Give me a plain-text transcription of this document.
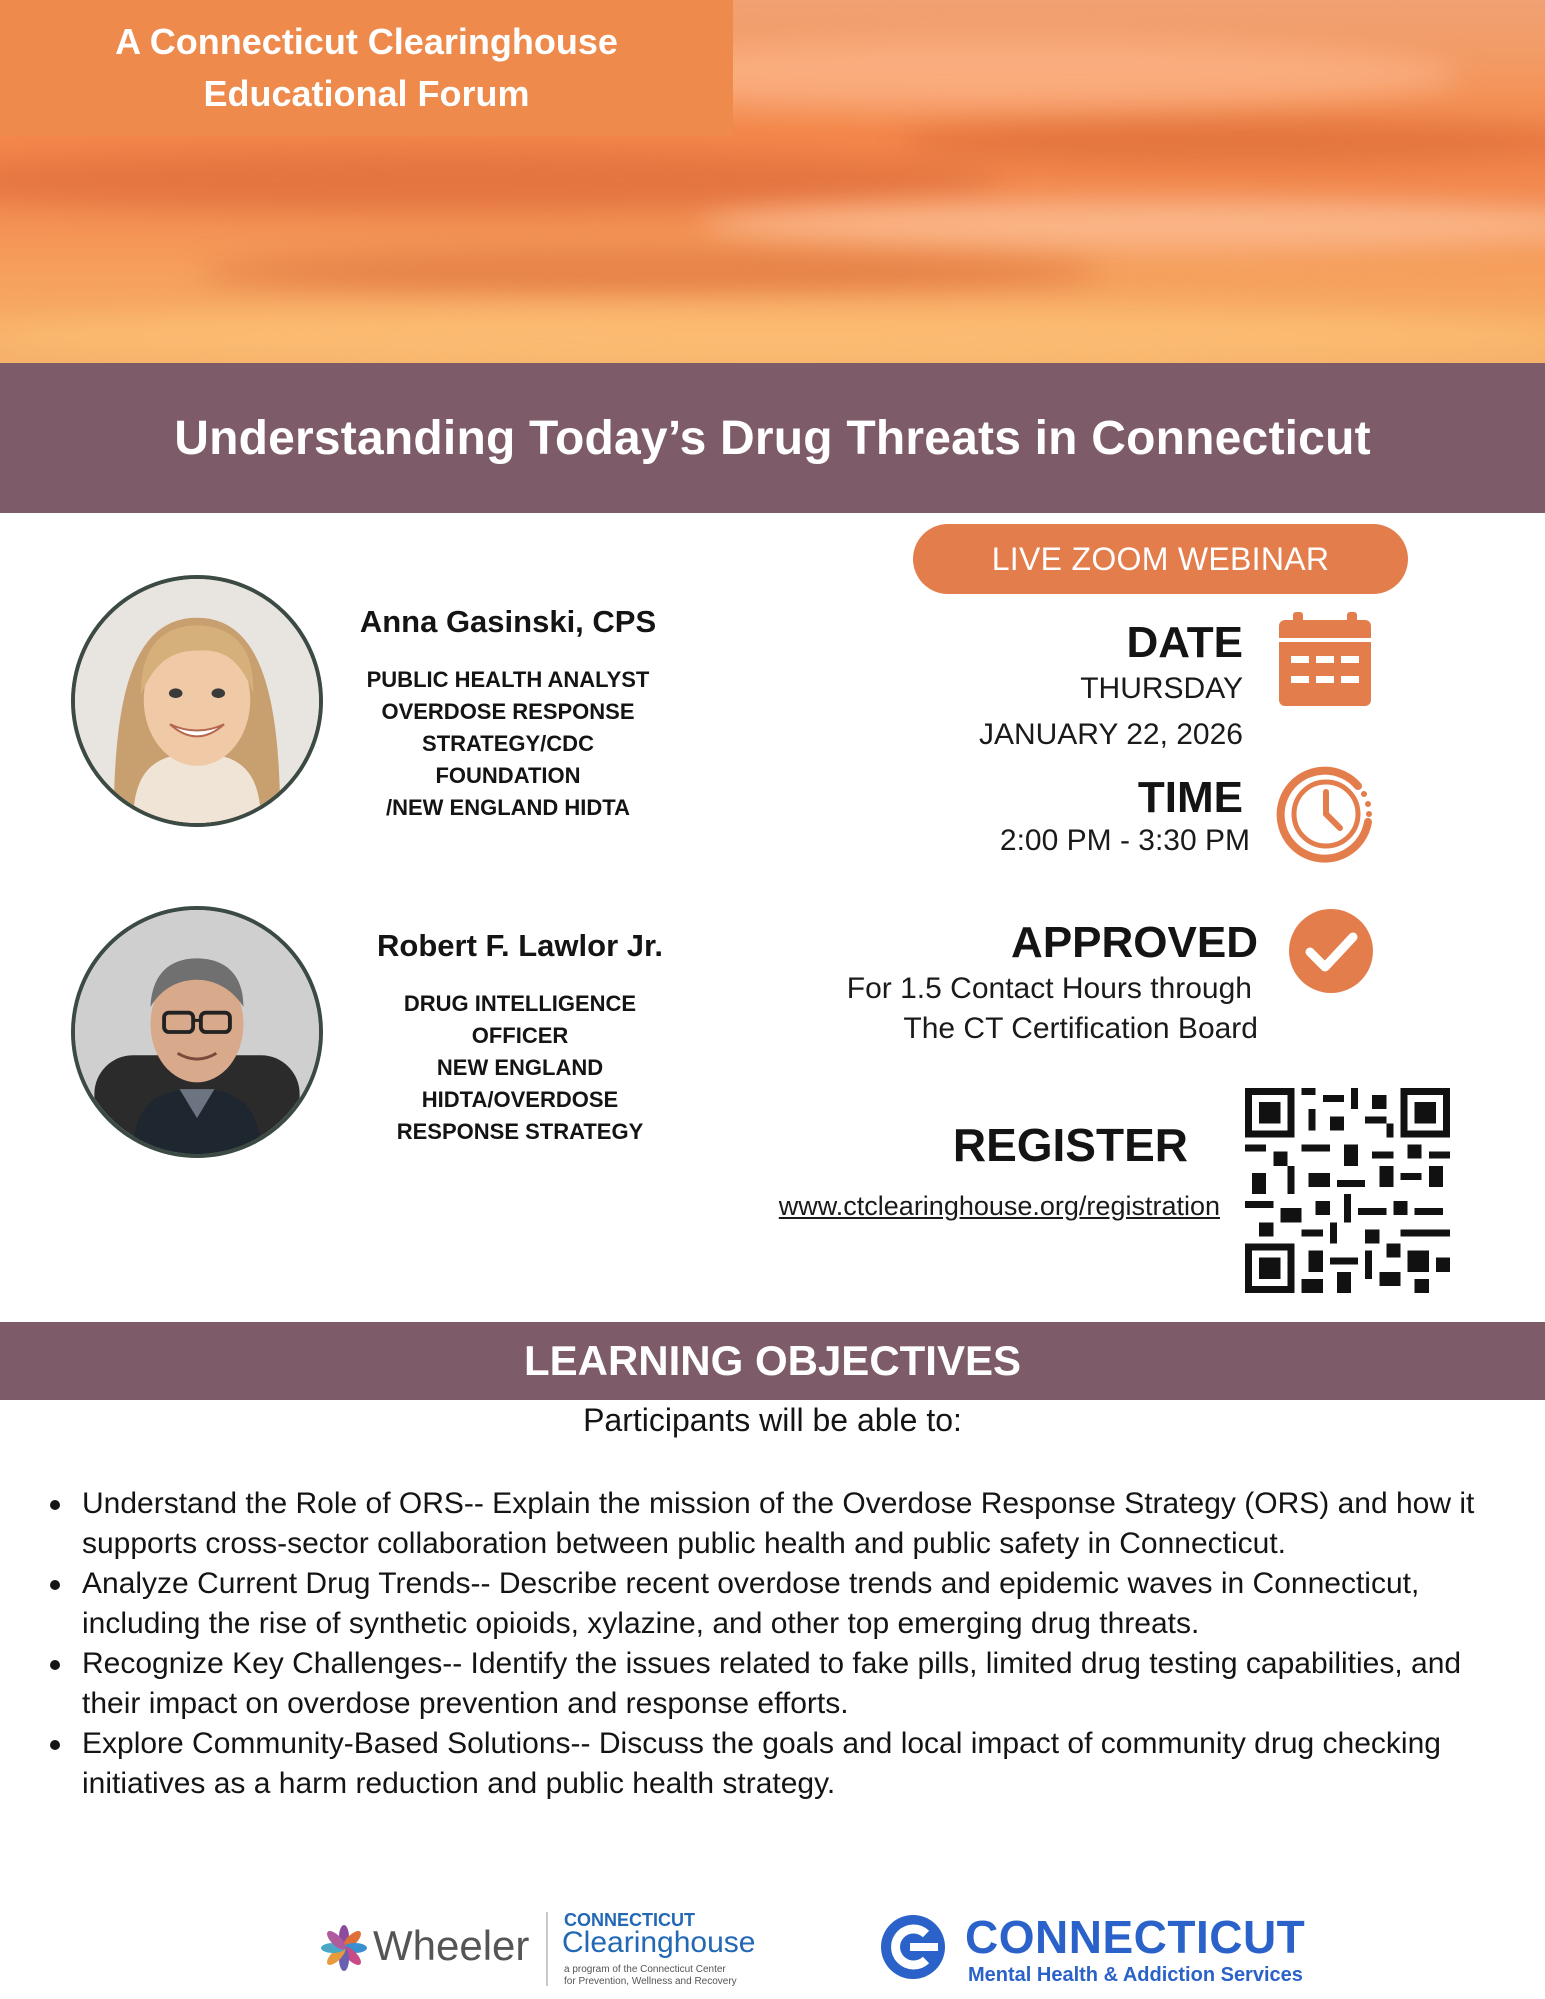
A Connecticut Clearinghouse
Educational Forum
Understanding Today’s Drug Threats in Connecticut
Anna Gasinski, CPS
PUBLIC HEALTH ANALYST
OVERDOSE RESPONSE
STRATEGY/CDC
FOUNDATION
/NEW ENGLAND HIDTA
Robert F. Lawlor Jr.
DRUG INTELLIGENCE
OFFICER
NEW ENGLAND
HIDTA/OVERDOSE
RESPONSE STRATEGY
LIVE ZOOM WEBINAR
DATE
THURSDAY
JANUARY 22, 2026
TIME
2:00 PM - 3:30 PM
APPROVED
For 1.5 Contact Hours through
The CT Certification Board
REGISTER
www.ctclearinghouse.org/registration
LEARNING OBJECTIVES
Participants will be able to:
Understand the Role of ORS-- Explain the mission of the Overdose Response Strategy (ORS) and how it supports cross-sector collaboration between public health and public safety in Connecticut.
Analyze Current Drug Trends-- Describe recent overdose trends and epidemic waves in Connecticut, including the rise of synthetic opioids, xylazine, and other top emerging drug threats.
Recognize Key Challenges-- Identify the issues related to fake pills, limited drug testing capabilities, and their impact on overdose prevention and response efforts.
Explore Community-Based Solutions-- Discuss the goals and local impact of community drug checking initiatives as a harm reduction and public health strategy.
Wheeler
CONNECTICUT
Clearinghouse
a program of the Connecticut Center
for Prevention, Wellness and Recovery
CONNECTICUT
Mental Health & Addiction Services
